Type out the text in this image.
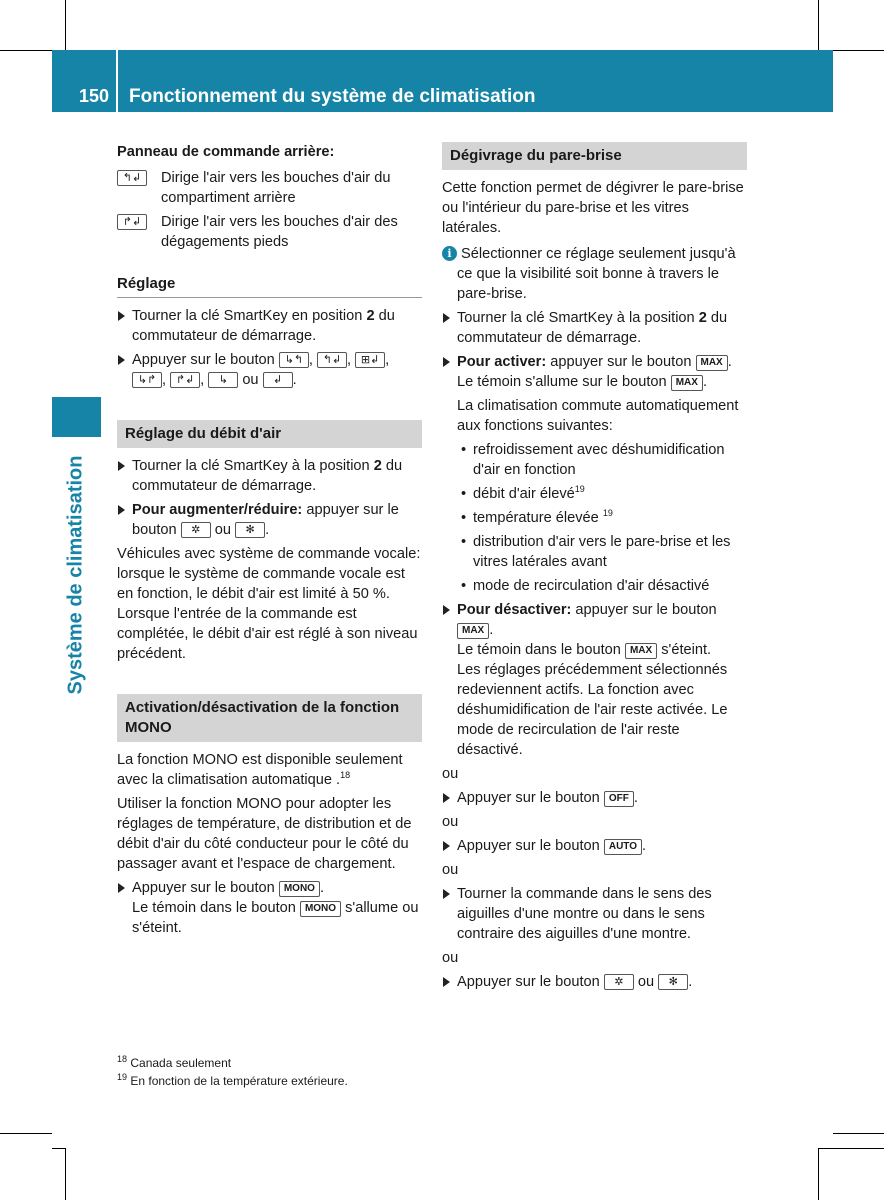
150 Fonctionnement du système de climatisation
Système de climatisation

Panneau de commande arrière:

↰↲	Dirige l'air vers les bouches d'air du compartiment arrière
↱↲	Dirige l'air vers les bouches d'air des dégagements pieds

Réglage

Tourner la clé SmartKey en position 2 du commutateur de démarrage.

Appuyer sur le bouton ↳↰ , ↰↲ , ⊞↲ ,
↳↱ , ↱↲ , ↳ ou ↲ .

Réglage du débit d'air

Tourner la clé SmartKey à la position 2 du commutateur de démarrage.

Pour augmenter/réduire: appuyer sur le bouton ✲ ou ✻ .

Véhicules avec système de commande vocale: lorsque le système de commande vocale est en fonction, le débit d'air est limité à 50 %. Lorsque l'entrée de la commande est complétée, le débit d'air est réglé à son niveau précédent.

Activation/désactivation de la fonction MONO

La fonction MONO est disponible seulement avec la climatisation automatique .$^{18}$

Utiliser la fonction MONO pour adopter les réglages de température, de distribution et de débit d'air du côté conducteur pour le côté du passager avant et l'espace de chargement.

Appuyer sur le bouton MONO .
Le témoin dans le bouton MONO s'allume ou s'éteint.

Dégivrage du pare-brise

Cette fonction permet de dégivrer le pare-brise ou l'intérieur du pare-brise et les vitres latérales.

i Sélectionner ce réglage seulement jusqu'à ce que la visibilité soit bonne à travers le pare-brise.

Tourner la clé SmartKey à la position 2 du commutateur de démarrage.

Pour activer: appuyer sur le bouton MAX .
Le témoin s'allume sur le bouton MAX .

La climatisation commute automatiquement aux fonctions suivantes:

• refroidissement avec déshumidification d'air en fonction

• débit d'air élevé$^{19}$

• température élevée $^{19}$

• distribution d'air vers le pare-brise et les vitres latérales avant

• mode de recirculation d'air désactivé

Pour désactiver: appuyer sur le bouton
MAX .
Le témoin dans le bouton MAX s'éteint.
Les réglages précédemment sélectionnés redeviennent actifs. La fonction avec déshumidification de l'air reste activée. Le mode de recirculation de l'air reste désactivé.

ou

Appuyer sur le bouton OFF .

ou

Appuyer sur le bouton AUTO .

ou

Tourner la commande dans le sens des aiguilles d'une montre ou dans le sens contraire des aiguilles d'une montre.

ou

Appuyer sur le bouton ✲ ou ✻ .

$^{18}$ Canada seulement
$^{19}$ En fonction de la température extérieure.
